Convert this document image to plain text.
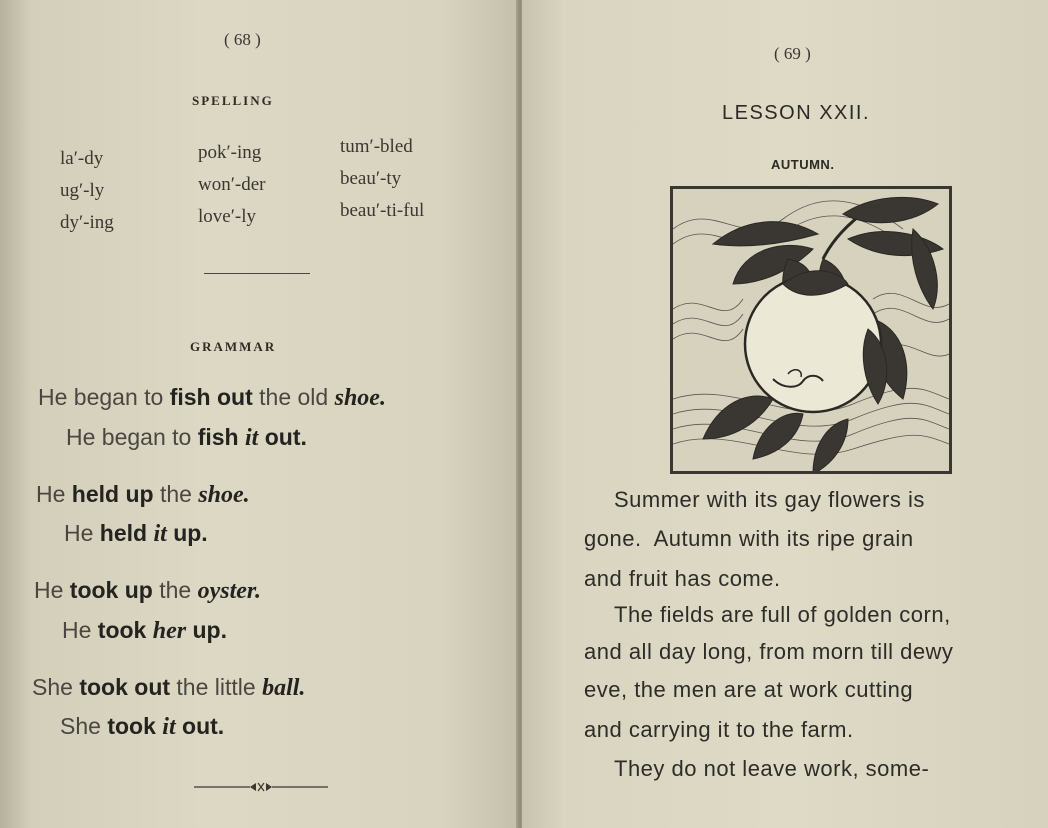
( 68 )
SPELLING
la′-dy
ug′-ly
dy′-ing
pok′-ing
won′-der
love′-ly
tum′-bled
beau′-ty
beau′-ti-ful
GRAMMAR
He began to fish out the old shoe.
He began to fish it out.
He held up the shoe.
He held it up.
He took up the oyster.
He took her up.
She took out the little ball.
She took it out.
( 69 )
LESSON XXII.
AUTUMN.
Summer with its gay flowers is
gone.  Autumn with its ripe grain
and fruit has come.
The fields are full of golden corn,
and all day long, from morn till dewy
eve, the men are at work cutting
and carrying it to the farm.
They do not leave work, some-
